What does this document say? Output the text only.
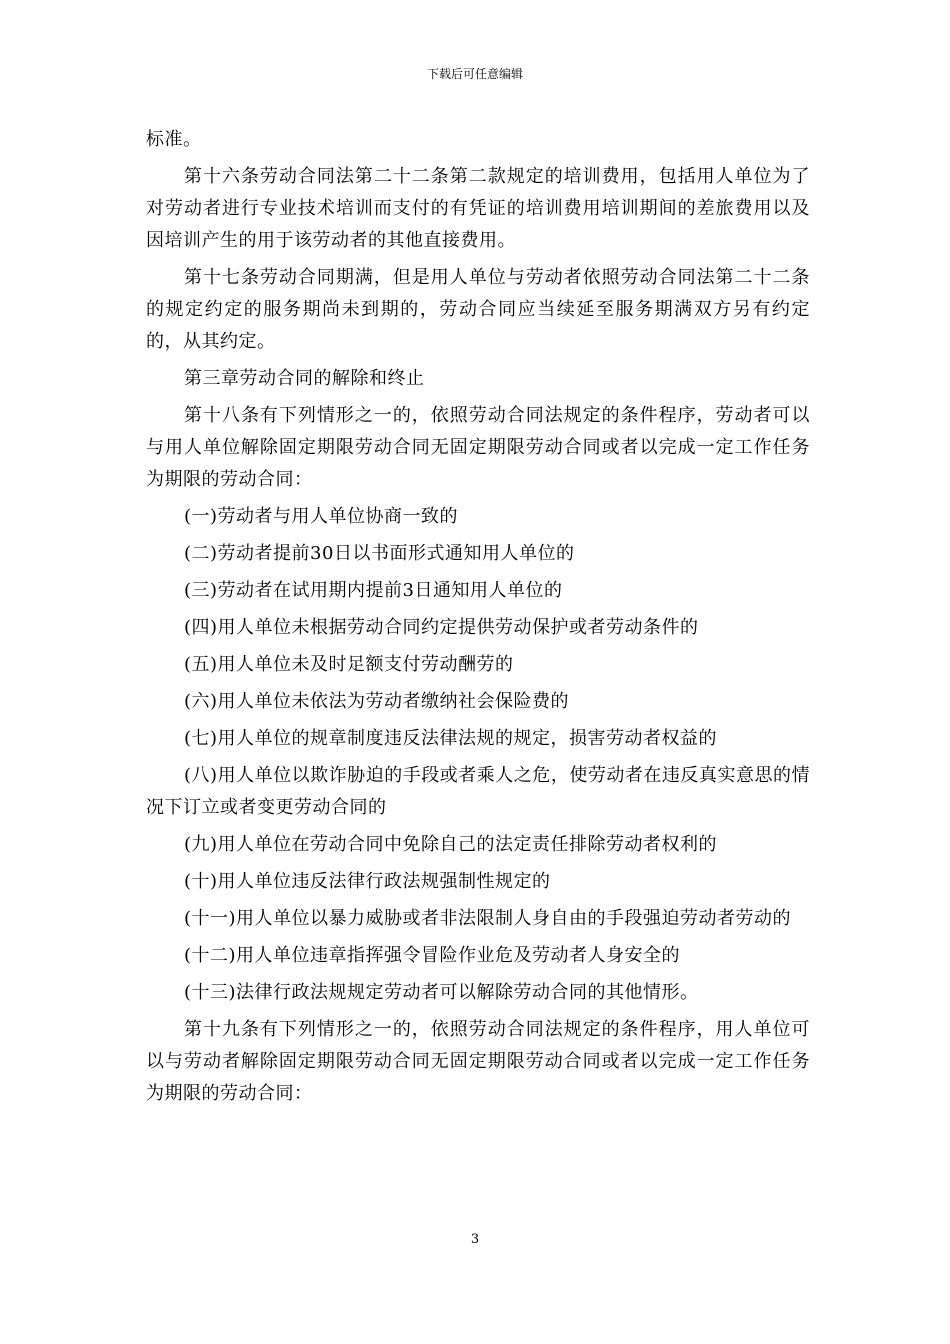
下载后可任意编辑

标准。

第十六条劳动合同法第二十二条第二款规定的培训费用，包括用人单位为了对劳动者进行专业技术培训而支付的有凭证的培训费用培训期间的差旅费用以及因培训产生的用于该劳动者的其他直接费用。

第十七条劳动合同期满，但是用人单位与劳动者依照劳动合同法第二十二条的规定约定的服务期尚未到期的，劳动合同应当续延至服务期满双方另有约定的，从其约定。

第三章劳动合同的解除和终止

第十八条有下列情形之一的，依照劳动合同法规定的条件程序，劳动者可以与用人单位解除固定期限劳动合同无固定期限劳动合同或者以完成一定工作任务为期限的劳动合同：

(一)劳动者与用人单位协商一致的

(二)劳动者提前30日以书面形式通知用人单位的

(三)劳动者在试用期内提前3日通知用人单位的

(四)用人单位未根据劳动合同约定提供劳动保护或者劳动条件的

(五)用人单位未及时足额支付劳动酬劳的

(六)用人单位未依法为劳动者缴纳社会保险费的

(七)用人单位的规章制度违反法律法规的规定，损害劳动者权益的

(八)用人单位以欺诈胁迫的手段或者乘人之危，使劳动者在违反真实意思的情况下订立或者变更劳动合同的

(九)用人单位在劳动合同中免除自己的法定责任排除劳动者权利的

(十)用人单位违反法律行政法规强制性规定的

(十一)用人单位以暴力威胁或者非法限制人身自由的手段强迫劳动者劳动的

(十二)用人单位违章指挥强令冒险作业危及劳动者人身安全的

(十三)法律行政法规规定劳动者可以解除劳动合同的其他情形。

第十九条有下列情形之一的，依照劳动合同法规定的条件程序，用人单位可以与劳动者解除固定期限劳动合同无固定期限劳动合同或者以完成一定工作任务为期限的劳动合同：

3
